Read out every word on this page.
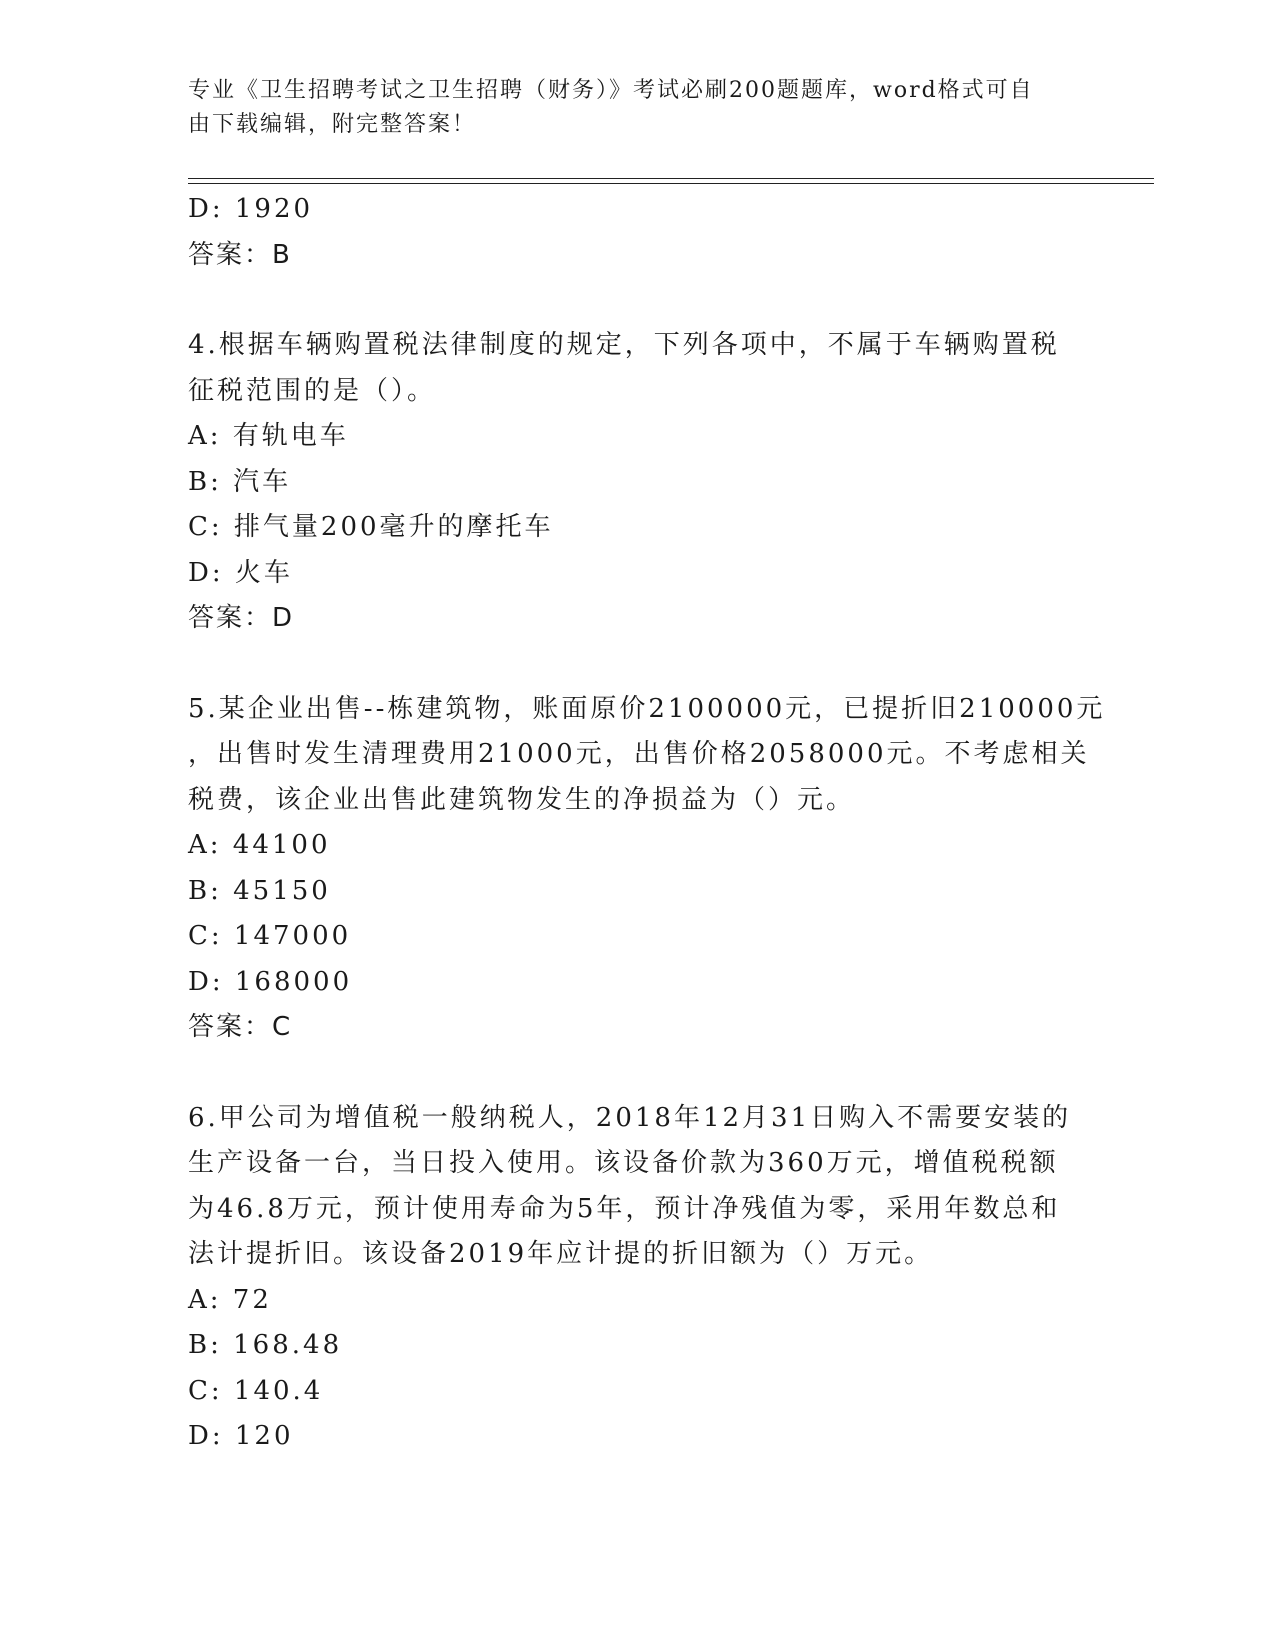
专业《卫生招聘考试之卫生招聘（财务）》考试必刷200题题库，word格式可自
由下载编辑，附完整答案！
D: 1920
答案：B
4.根据车辆购置税法律制度的规定，下列各项中，不属于车辆购置税
征税范围的是（）。
A: 有轨电车
B: 汽车
C: 排气量200毫升的摩托车
D: 火车
答案：D
5.某企业出售--栋建筑物，账面原价2100000元，已提折旧210000元
，出售时发生清理费用21000元，出售价格2058000元。不考虑相关
税费，该企业出售此建筑物发生的净损益为（）元。
A: 44100
B: 45150
C: 147000
D: 168000
答案：C
6.甲公司为增值税一般纳税人，2018年12月31日购入不需要安装的
生产设备一台，当日投入使用。该设备价款为360万元，增值税税额
为46.8万元，预计使用寿命为5年，预计净残值为零，采用年数总和
法计提折旧。该设备2019年应计提的折旧额为（）万元。
A: 72
B: 168.48
C: 140.4
D: 120
